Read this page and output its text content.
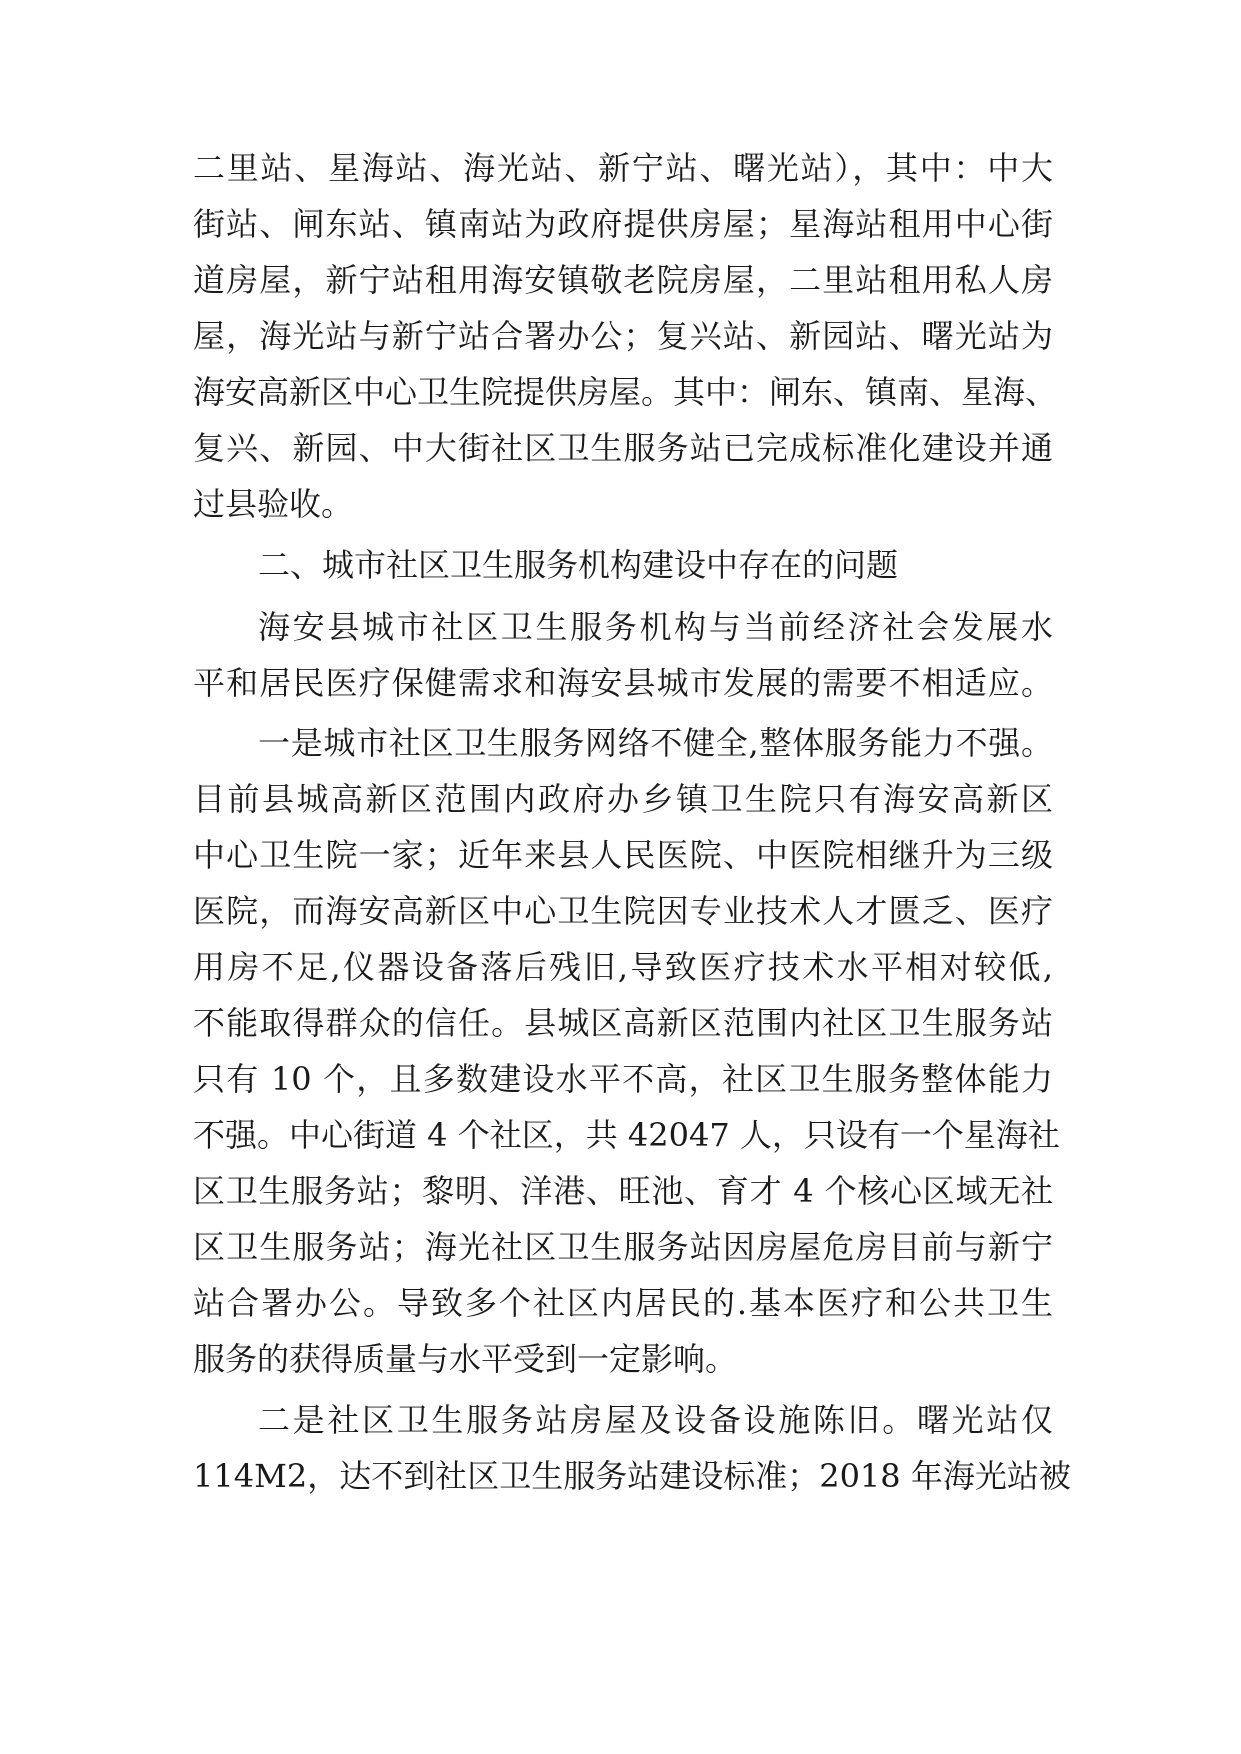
二里站、星海站、海光站、新宁站、曙光站），其中：中大
街站、闸东站、镇南站为政府提供房屋；星海站租用中心街
道房屋，新宁站租用海安镇敬老院房屋，二里站租用私人房
屋，海光站与新宁站合署办公；复兴站、新园站、曙光站为
海安高新区中心卫生院提供房屋。其中：闸东、镇南、星海、
复兴、新园、中大街社区卫生服务站已完成标准化建设并通
过县验收。
二、城市社区卫生服务机构建设中存在的问题
海安县城市社区卫生服务机构与当前经济社会发展水
平和居民医疗保健需求和海安县城市发展的需要不相适应。
一是城市社区卫生服务网络不健全,整体服务能力不强。
目前县城高新区范围内政府办乡镇卫生院只有海安高新区
中心卫生院一家；近年来县人民医院、中医院相继升为三级
医院，而海安高新区中心卫生院因专业技术人才匮乏、医疗
用房不足,仪器设备落后残旧,导致医疗技术水平相对较低,
不能取得群众的信任。县城区高新区范围内社区卫生服务站
只有 10 个，且多数建设水平不高，社区卫生服务整体能力
不强。中心街道 4 个社区，共 42047 人，只设有一个星海社
区卫生服务站；黎明、洋港、旺池、育才 4 个核心区域无社
区卫生服务站；海光社区卫生服务站因房屋危房目前与新宁
站合署办公。导致多个社区内居民的.基本医疗和公共卫生
服务的获得质量与水平受到一定影响。
二是社区卫生服务站房屋及设备设施陈旧。曙光站仅
114M2，达不到社区卫生服务站建设标准；2018 年海光站被
